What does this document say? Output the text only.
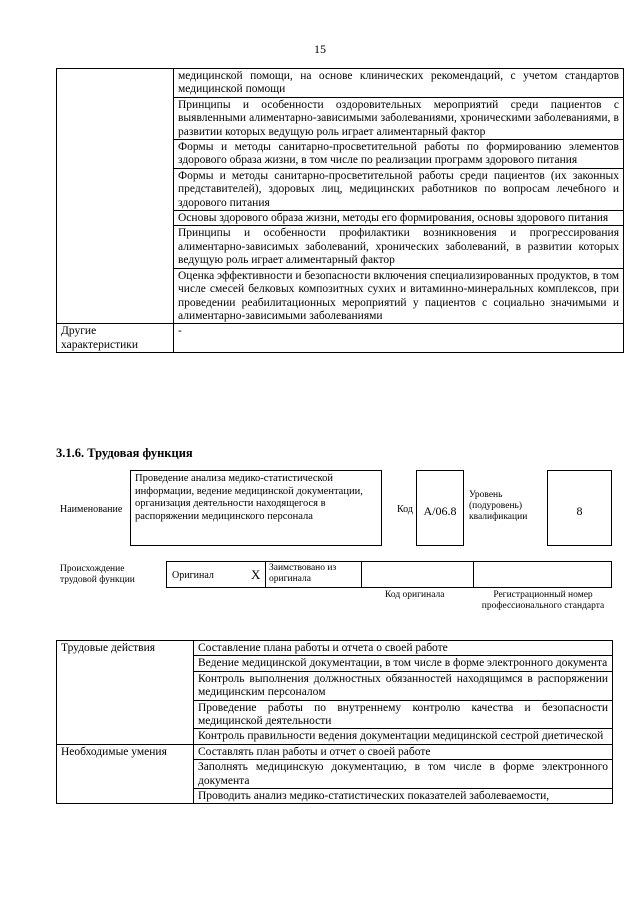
15
	медицинской помощи, на основе клинических рекомендаций, с учетом стандартов медицинской помощи
	Принципы и особенности оздоровительных мероприятий среди пациентов с выявленными алиментарно-зависимыми заболеваниями, хроническими заболеваниями, в развитии которых ведущую роль играет алиментарный фактор
	Формы и методы санитарно-просветительной работы по формированию элементов здорового образа жизни, в том числе по реализации программ здорового питания
	Формы и методы санитарно-просветительной работы среди пациентов (их законных представителей), здоровых лиц, медицинских работников по вопросам лечебного и здорового питания
	Основы здорового образа жизни, методы его формирования, основы здорового питания
	Принципы и особенности профилактики возникновения и прогрессирования алиментарно-зависимых заболеваний, хронических заболеваний, в развитии которых ведущую роль играет алиментарный фактор
	Оценка эффективности и безопасности включения специализированных продуктов, в том числе смесей белковых композитных сухих и витаминно-минеральных комплексов, при проведении реабилитационных мероприятий у пациентов с социально значимыми и алиментарно-зависимыми заболеваниями
Другие характеристики	-
3.1.6. Трудовая функция
Наименование
Проведение анализа медико-статистической информации, ведение медицинской документации, организация деятельности находящегося в распоряжении медицинского персонала
Код А/06.8
Уровень (подуровень) квалификации	8
Происхождение трудовой функции	Оригинал	X Заимствовано из оригинала
Код оригинала	Регистрационный номер профессионального стандарта
Трудовые действия	Составление плана работы и отчета о своей работе
	Ведение медицинской документации, в том числе в форме электронного документа
	Контроль выполнения должностных обязанностей находящимся в распоряжении медицинским персоналом
	Проведение работы по внутреннему контролю качества и безопасности медицинской деятельности
	Контроль правильности ведения документации медицинской сестрой диетической
Необходимые умения	Составлять план работы и отчет о своей работе
	Заполнять медицинскую документацию, в том числе в форме электронного документа
	Проводить анализ медико-статистических показателей заболеваемости,
